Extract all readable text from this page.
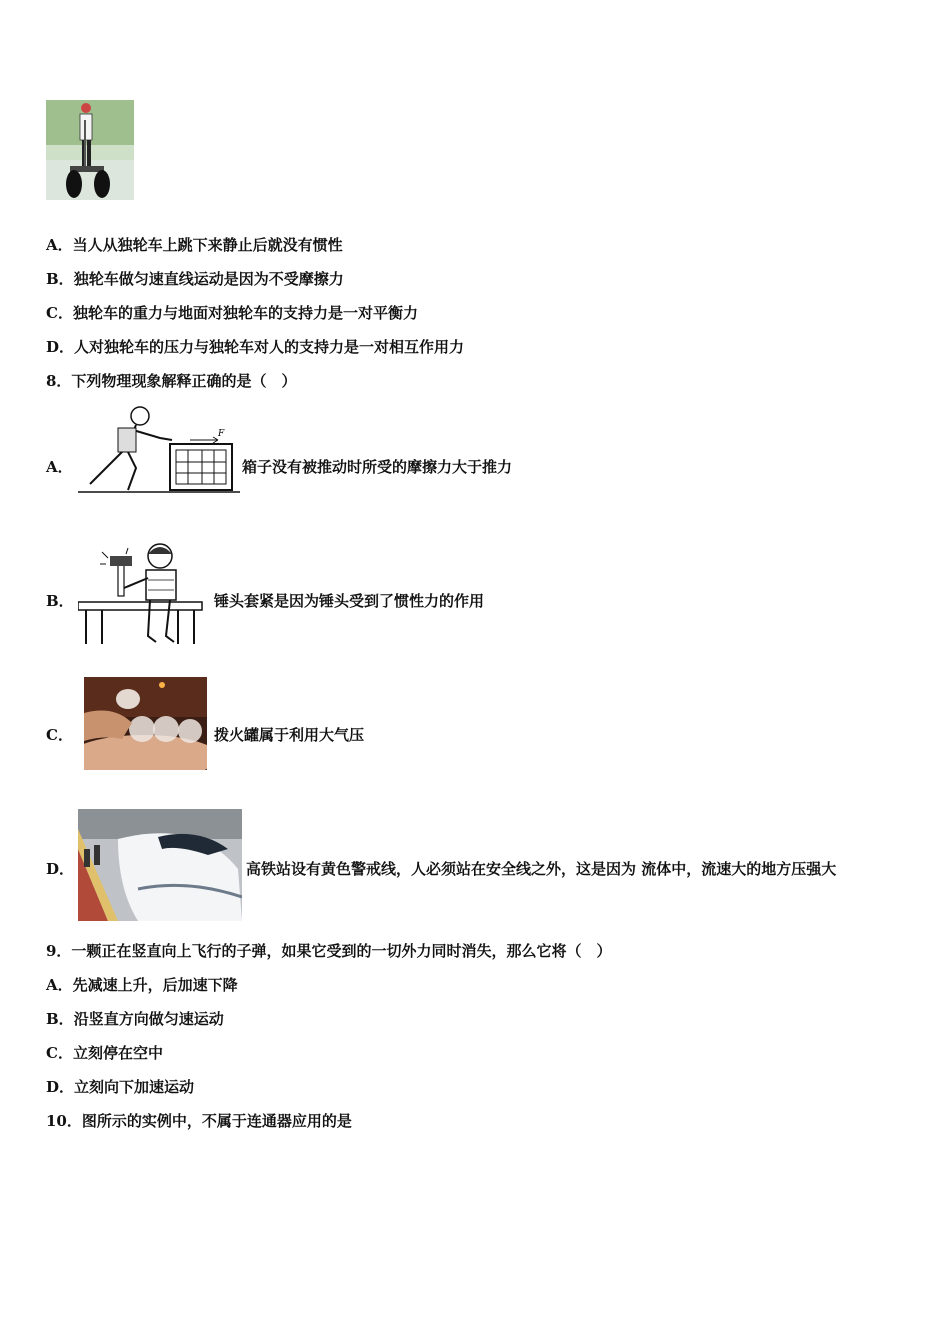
A．当人从独轮车上跳下来静止后就没有惯性
B．独轮车做匀速直线运动是因为不受摩擦力
C．独轮车的重力与地面对独轮车的支持力是一对平衡力
D．人对独轮车的压力与独轮车对人的支持力是一对相互作用力
8．下列物理现象解释正确的是（　）
A．
F
箱子没有被推动时所受的摩擦力大于推力
B．	锤头套紧是因为锤头受到了惯性力的作用
C．	拨火罐属于利用大气压
D．	高铁站设有黄色警戒线，人必须站在安全线之外，这是因为 流体中，流速大的地方压强大
9．一颗正在竖直向上飞行的子弹，如果它受到的一切外力同时消失，那么它将（　）
A．先减速上升，后加速下降
B．沿竖直方向做匀速运动
C．立刻停在空中
D．立刻向下加速运动
10．图所示的实例中，不属于连通器应用的是
